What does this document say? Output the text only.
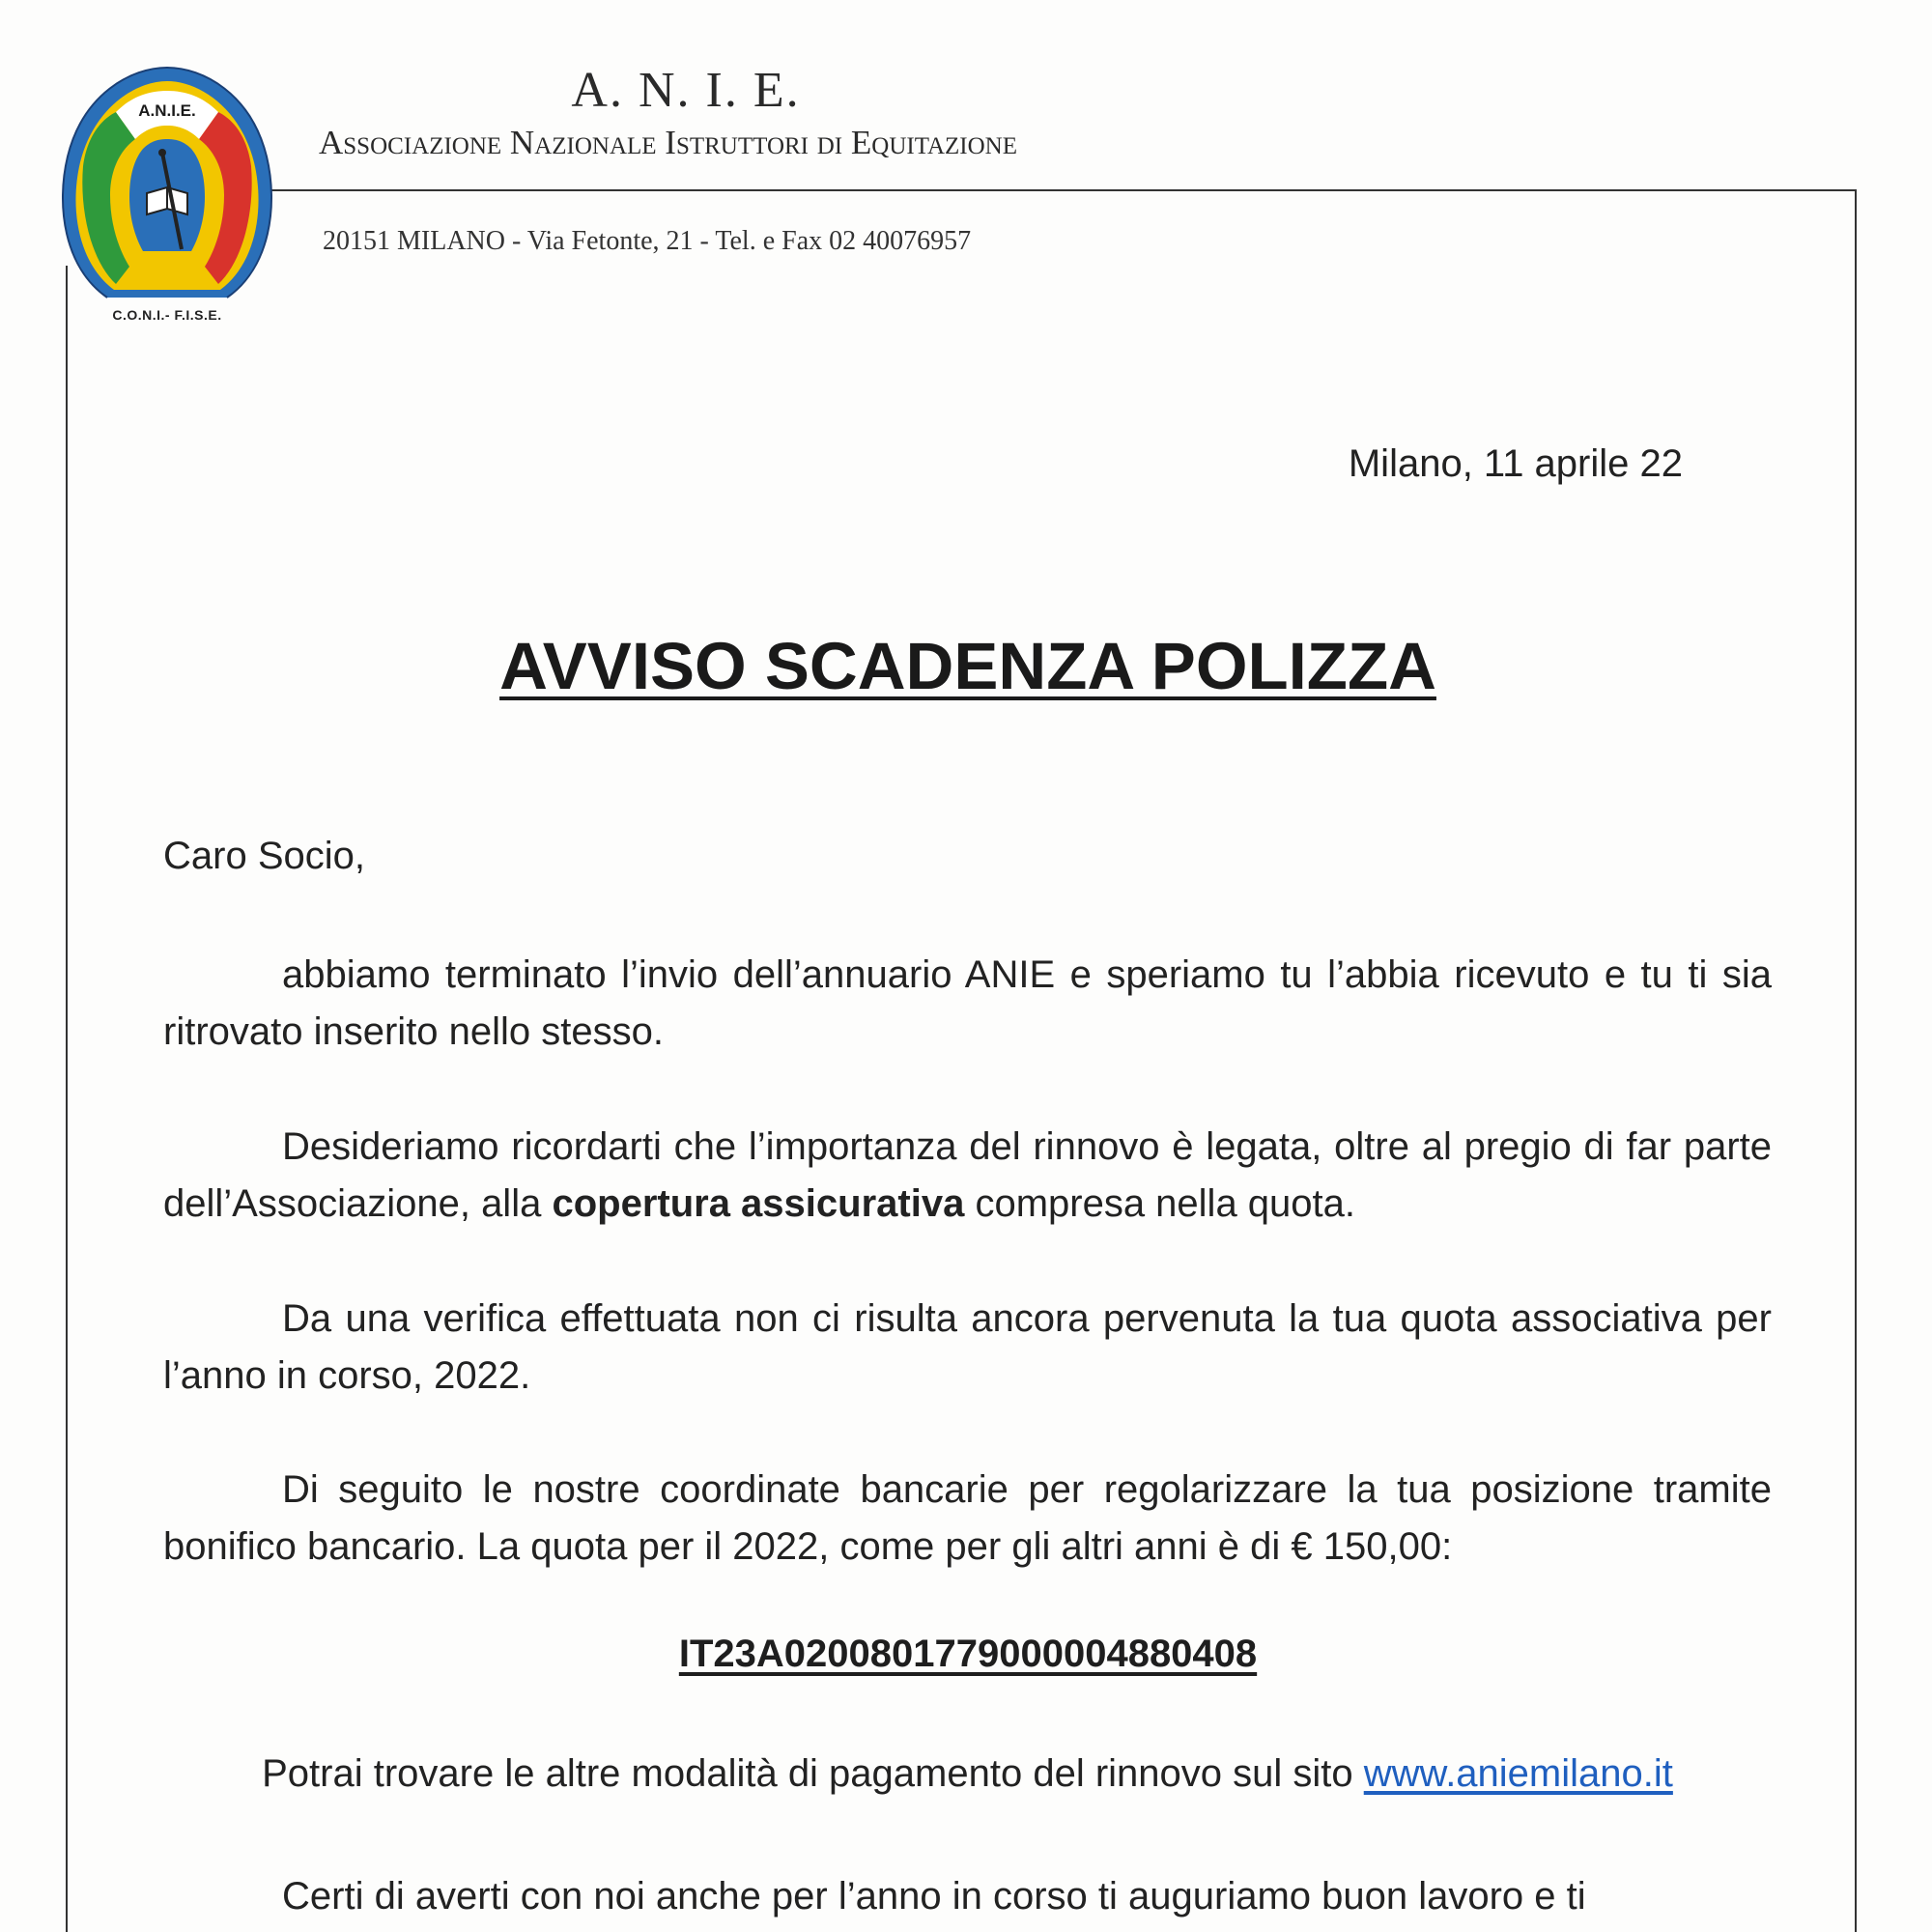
A.N.I.E.
C.O.N.I.- F.I.S.E.
A. N. I. E.
Associazione Nazionale Istruttori di Equitazione
20151 MILANO - Via Fetonte, 21 - Tel. e Fax 02 40076957
Milano, 11 aprile 22
AVVISO SCADENZA POLIZZA
Caro Socio,
abbiamo terminato l’invio dell’annuario ANIE e speriamo tu l’abbia ricevuto e tu ti sia ritrovato inserito nello stesso.
Desideriamo ricordarti che l’importanza del rinnovo è legata, oltre al pregio di far parte dell’Associazione, alla copertura assicurativa compresa nella quota.
Da una verifica effettuata non ci risulta ancora pervenuta la tua quota associativa per l’anno in corso, 2022.
Di seguito le nostre coordinate bancarie per regolarizzare la tua posizione tramite bonifico bancario. La quota per il 2022, come per gli altri anni è di € 150,00:
IT23A0200801779000004880408
Potrai trovare le altre modalità di pagamento del rinnovo sul sito www.aniemilano.it
Certi di averti con noi anche per l’anno in corso ti auguriamo buon lavoro e ti
